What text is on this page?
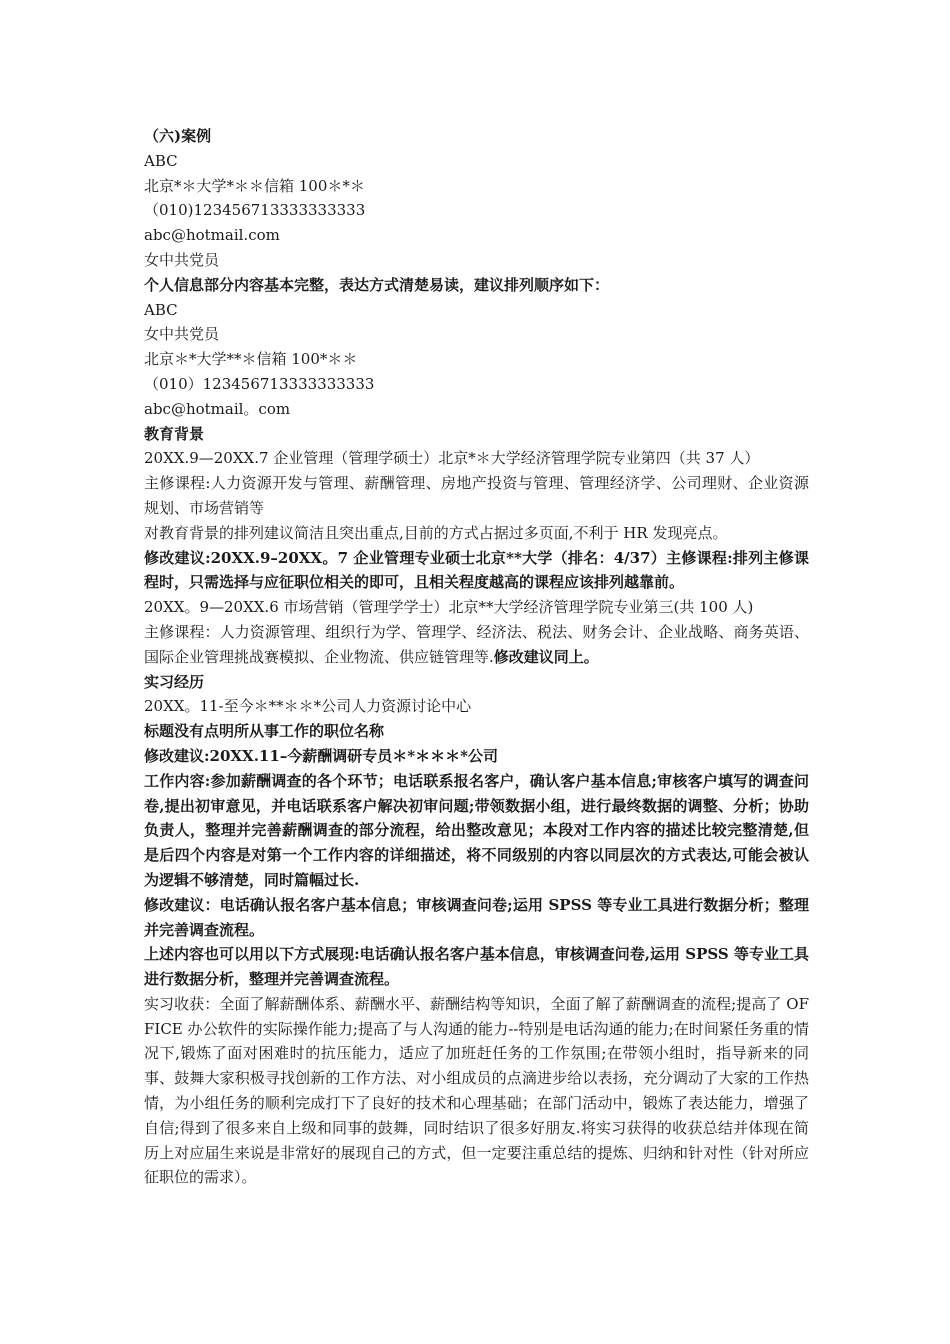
（六)案例
ABC
北京*＊大学*＊＊信箱 100＊*＊
（010)123456713333333333
abc@hotmail.com
女中共党员
个人信息部分内容基本完整，表达方式清楚易读，建议排列顺序如下：
ABC
女中共党员
北京＊*大学**＊信箱 100*＊＊
（010）123456713333333333
abc@hotmail。com
教育背景
20XX.9—20XX.7 企业管理（管理学硕士）北京*＊大学经济管理学院专业第四（共 37 人）
主修课程:人力资源开发与管理、薪酬管理、房地产投资与管理、管理经济学、公司理财、企业资源规划、市场营销等
对教育背景的排列建议简洁且突出重点,目前的方式占据过多页面,不利于 HR 发现亮点。
修改建议:20XX.9–20XX。7 企业管理专业硕士北京**大学（排名：4/37）主修课程:排列主修课程时，只需选择与应征职位相关的即可，且相关程度越高的课程应该排列越靠前。
20XX。9—20XX.6 市场营销（管理学学士）北京**大学经济管理学院专业第三(共 100 人)
主修课程：人力资源管理、组织行为学、管理学、经济法、税法、财务会计、企业战略、商务英语、国际企业管理挑战赛模拟、企业物流、供应链管理等.修改建议同上。
实习经历
20XX。11-至今＊**＊＊*公司人力资源讨论中心
标题没有点明所从事工作的职位名称
修改建议:20XX.11–今薪酬调研专员＊*＊＊＊*公司
工作内容:参加薪酬调查的各个环节；电话联系报名客户，确认客户基本信息;审核客户填写的调查问卷,提出初审意见，并电话联系客户解决初审问题;带领数据小组，进行最终数据的调整、分析；协助负责人，整理并完善薪酬调查的部分流程，给出整改意见；本段对工作内容的描述比较完整清楚,但是后四个内容是对第一个工作内容的详细描述，将不同级别的内容以同层次的方式表达,可能会被认为逻辑不够清楚，同时篇幅过长.
修改建议：电话确认报名客户基本信息；审核调查问卷;运用 SPSS 等专业工具进行数据分析；整理并完善调查流程。
上述内容也可以用以下方式展现:电话确认报名客户基本信息，审核调查问卷,运用 SPSS 等专业工具进行数据分析，整理并完善调查流程。
实习收获：全面了解薪酬体系、薪酬水平、薪酬结构等知识，全面了解了薪酬调查的流程;提高了 OFFICE 办公软件的实际操作能力;提高了与人沟通的能力--特别是电话沟通的能力;在时间紧任务重的情况下,锻炼了面对困难时的抗压能力，适应了加班赶任务的工作氛围;在带领小组时，指导新来的同事、鼓舞大家积极寻找创新的工作方法、对小组成员的点滴进步给以表扬，充分调动了大家的工作热情，为小组任务的顺利完成打下了良好的技术和心理基础；在部门活动中，锻炼了表达能力，增强了自信;得到了很多来自上级和同事的鼓舞，同时结识了很多好朋友.将实习获得的收获总结并体现在简历上对应届生来说是非常好的展现自己的方式，但一定要注重总结的提炼、归纳和针对性（针对所应征职位的需求）。
